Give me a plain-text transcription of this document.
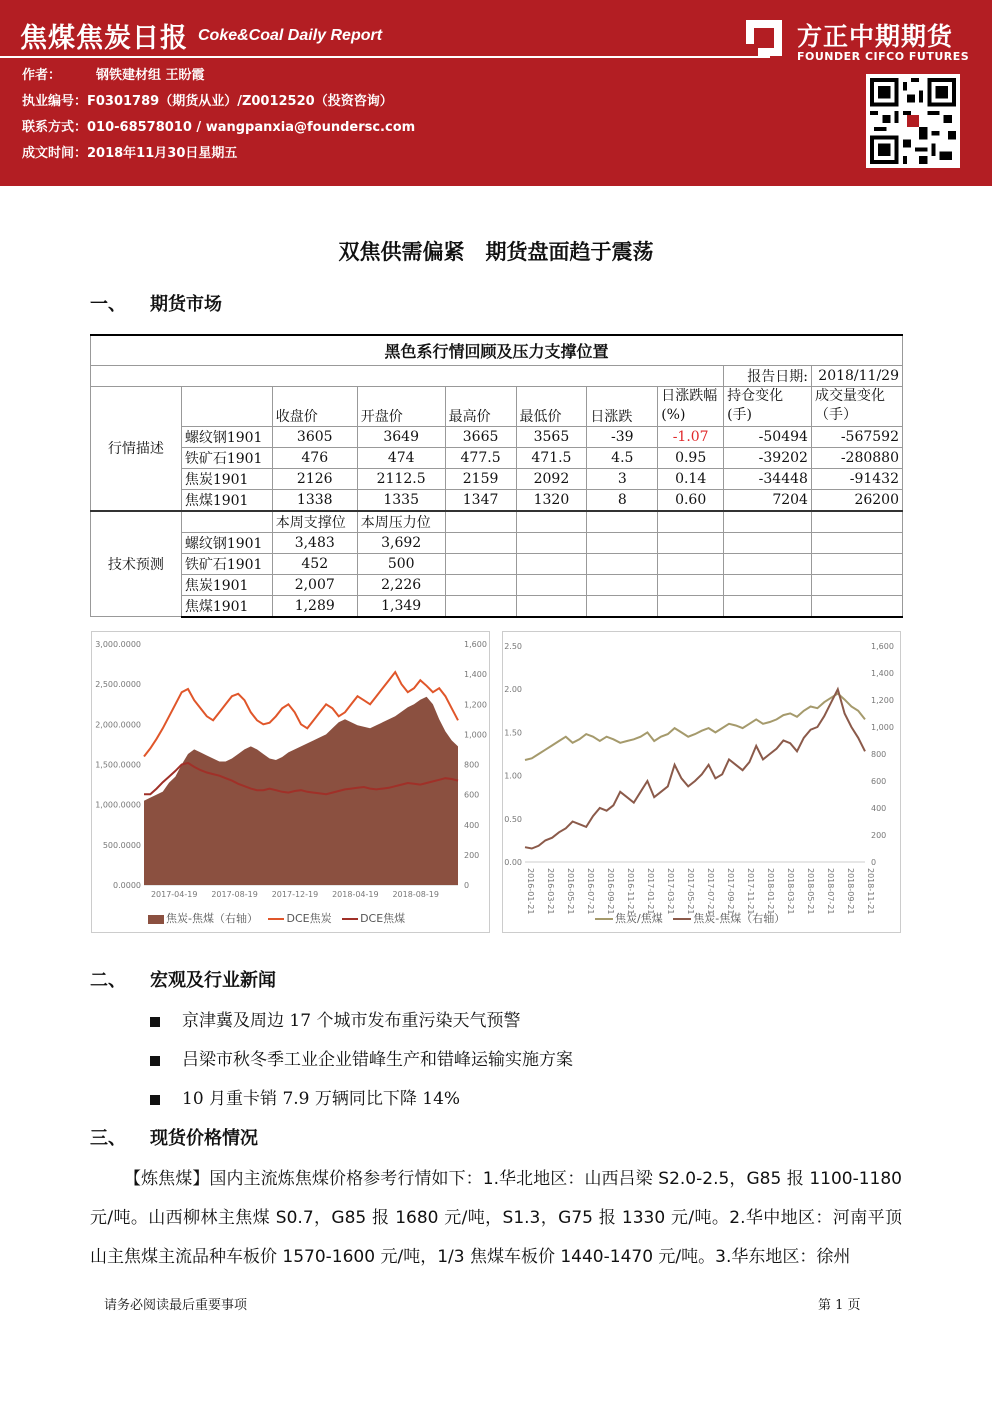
焦煤焦炭日报 Coke&Coal Daily Report
作者：	钢铁建材组 王盼霞
执业编号：F0301789（期货从业）/Z0012520（投资咨询）
联系方式：010-68578010 / wangpanxia@foundersc.com
成文时间：2018年11月30日星期五
方正中期期货
FOUNDER CIFCO FUTURES
双焦供需偏紧　期货盘面趋于震荡
一、 期货市场
黑色系行情回顾及压力支撑位置									
								报告日期:	2018/11/29
行情描述		收盘价	开盘价	最高价	最低价	日涨跌	日涨跌幅(%)	持仓变化(手)	成交量变化（手）
	螺纹钢1901	3605	3649	3665	3565	-39	-1.07	-50494	-567592
	铁矿石1901	476	474	477.5	471.5	4.5	0.95	-39202	-280880
	焦炭1901	2126	2112.5	2159	2092	3	0.14	-34448	-91432
	焦煤1901	1338	1335	1347	1320	8	0.60	7204	26200
技术预测		本周支撑位	本周压力位						
	螺纹钢1901	3,483	3,692						
	铁矿石1901	452	500						
	焦炭1901	2,007	2,226						
	焦煤1901	1,289	1,349						
3,000.0000
2,500.0000
2,000.0000
1,500.0000
1,000.0000
500.0000
0.0000
1,600
1,400
1,200
1,000
800
600
400
200
0
2017-04-19 2017-08-19 2017-12-19 2018-04-19 2018-08-19
焦炭-焦煤（右轴）	DCE焦炭	DCE焦煤
2.50
2.00
1.50
1.00
0.50
0.00
1,600
1,400
1,200
1,000
800
600
400
200
0
2016-01-21 2016-03-21 2016-05-21 2016-07-21 2016-09-21 2016-11-21 2017-01-21 2017-03-21 2017-05-21 2017-07-21 2017-09-21 2017-11-21 2018-01-21 2018-03-21 2018-05-21 2018-07-21 2018-09-21 2018-11-21
焦炭/焦煤	焦炭-焦煤（右轴）
二、 宏观及行业新闻
京津冀及周边 17 个城市发布重污染天气预警
吕梁市秋冬季工业企业错峰生产和错峰运输实施方案
10 月重卡销 7.9 万辆同比下降 14%
三、 现货价格情况
【炼焦煤】国内主流炼焦煤价格参考行情如下：1.华北地区：山西吕梁 S2.0-2.5，G85 报 1100-1180 元/吨。山西柳林主焦煤 S0.7，G85 报 1680 元/吨，S1.3，G75 报 1330 元/吨。2.华中地区：河南平顶山主焦煤主流品种车板价 1570-1600 元/吨，1/3 焦煤车板价 1440-1470 元/吨。3.华东地区：徐州
请务必阅读最后重要事项	第 1 页
